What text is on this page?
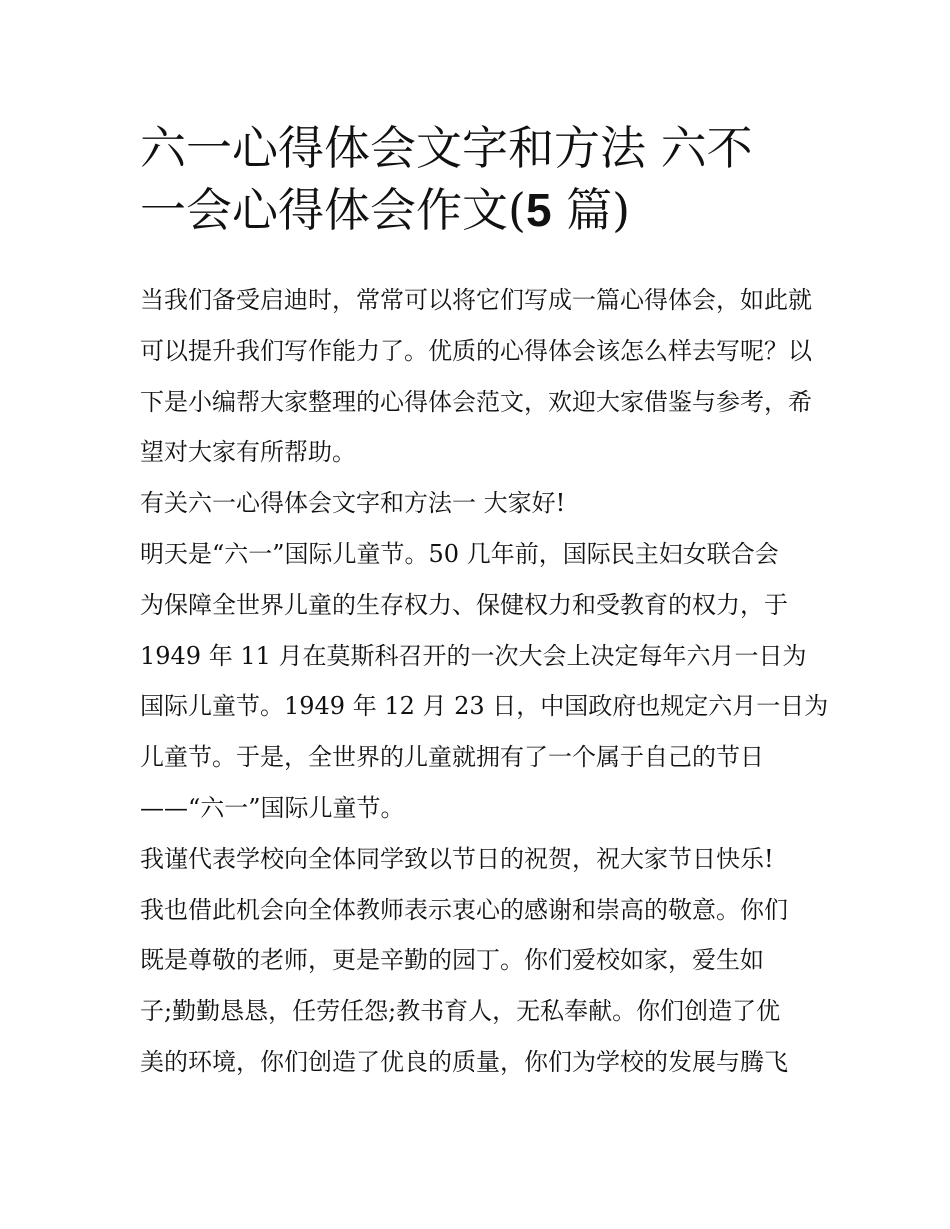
六一心得体会文字和方法 六不
一会心得体会作文(5 篇)

当我们备受启迪时，常常可以将它们写成一篇心得体会，如此就可以提升我们写作能力了。优质的心得体会该怎么样去写呢？以下是小编帮大家整理的心得体会范文，欢迎大家借鉴与参考，希望对大家有所帮助。

有关六一心得体会文字和方法一 大家好!

明天是“六一”国际儿童节。50 几年前，国际民主妇女联合会
为保障全世界儿童的生存权力、保健权力和受教育的权力，于
1949 年 11 月在莫斯科召开的一次大会上决定每年六月一日为
国际儿童节。1949 年 12 月 23 日，中国政府也规定六月一日为
儿童节。于是，全世界的儿童就拥有了一个属于自己的节日
——“六一”国际儿童节。

我谨代表学校向全体同学致以节日的祝贺，祝大家节日快乐!

我也借此机会向全体教师表示衷心的感谢和崇高的敬意。你们
既是尊敬的老师，更是辛勤的园丁。你们爱校如家，爱生如
子;勤勤恳恳，任劳任怨;教书育人，无私奉献。你们创造了优
美的环境，你们创造了优良的质量，你们为学校的发展与腾飞
